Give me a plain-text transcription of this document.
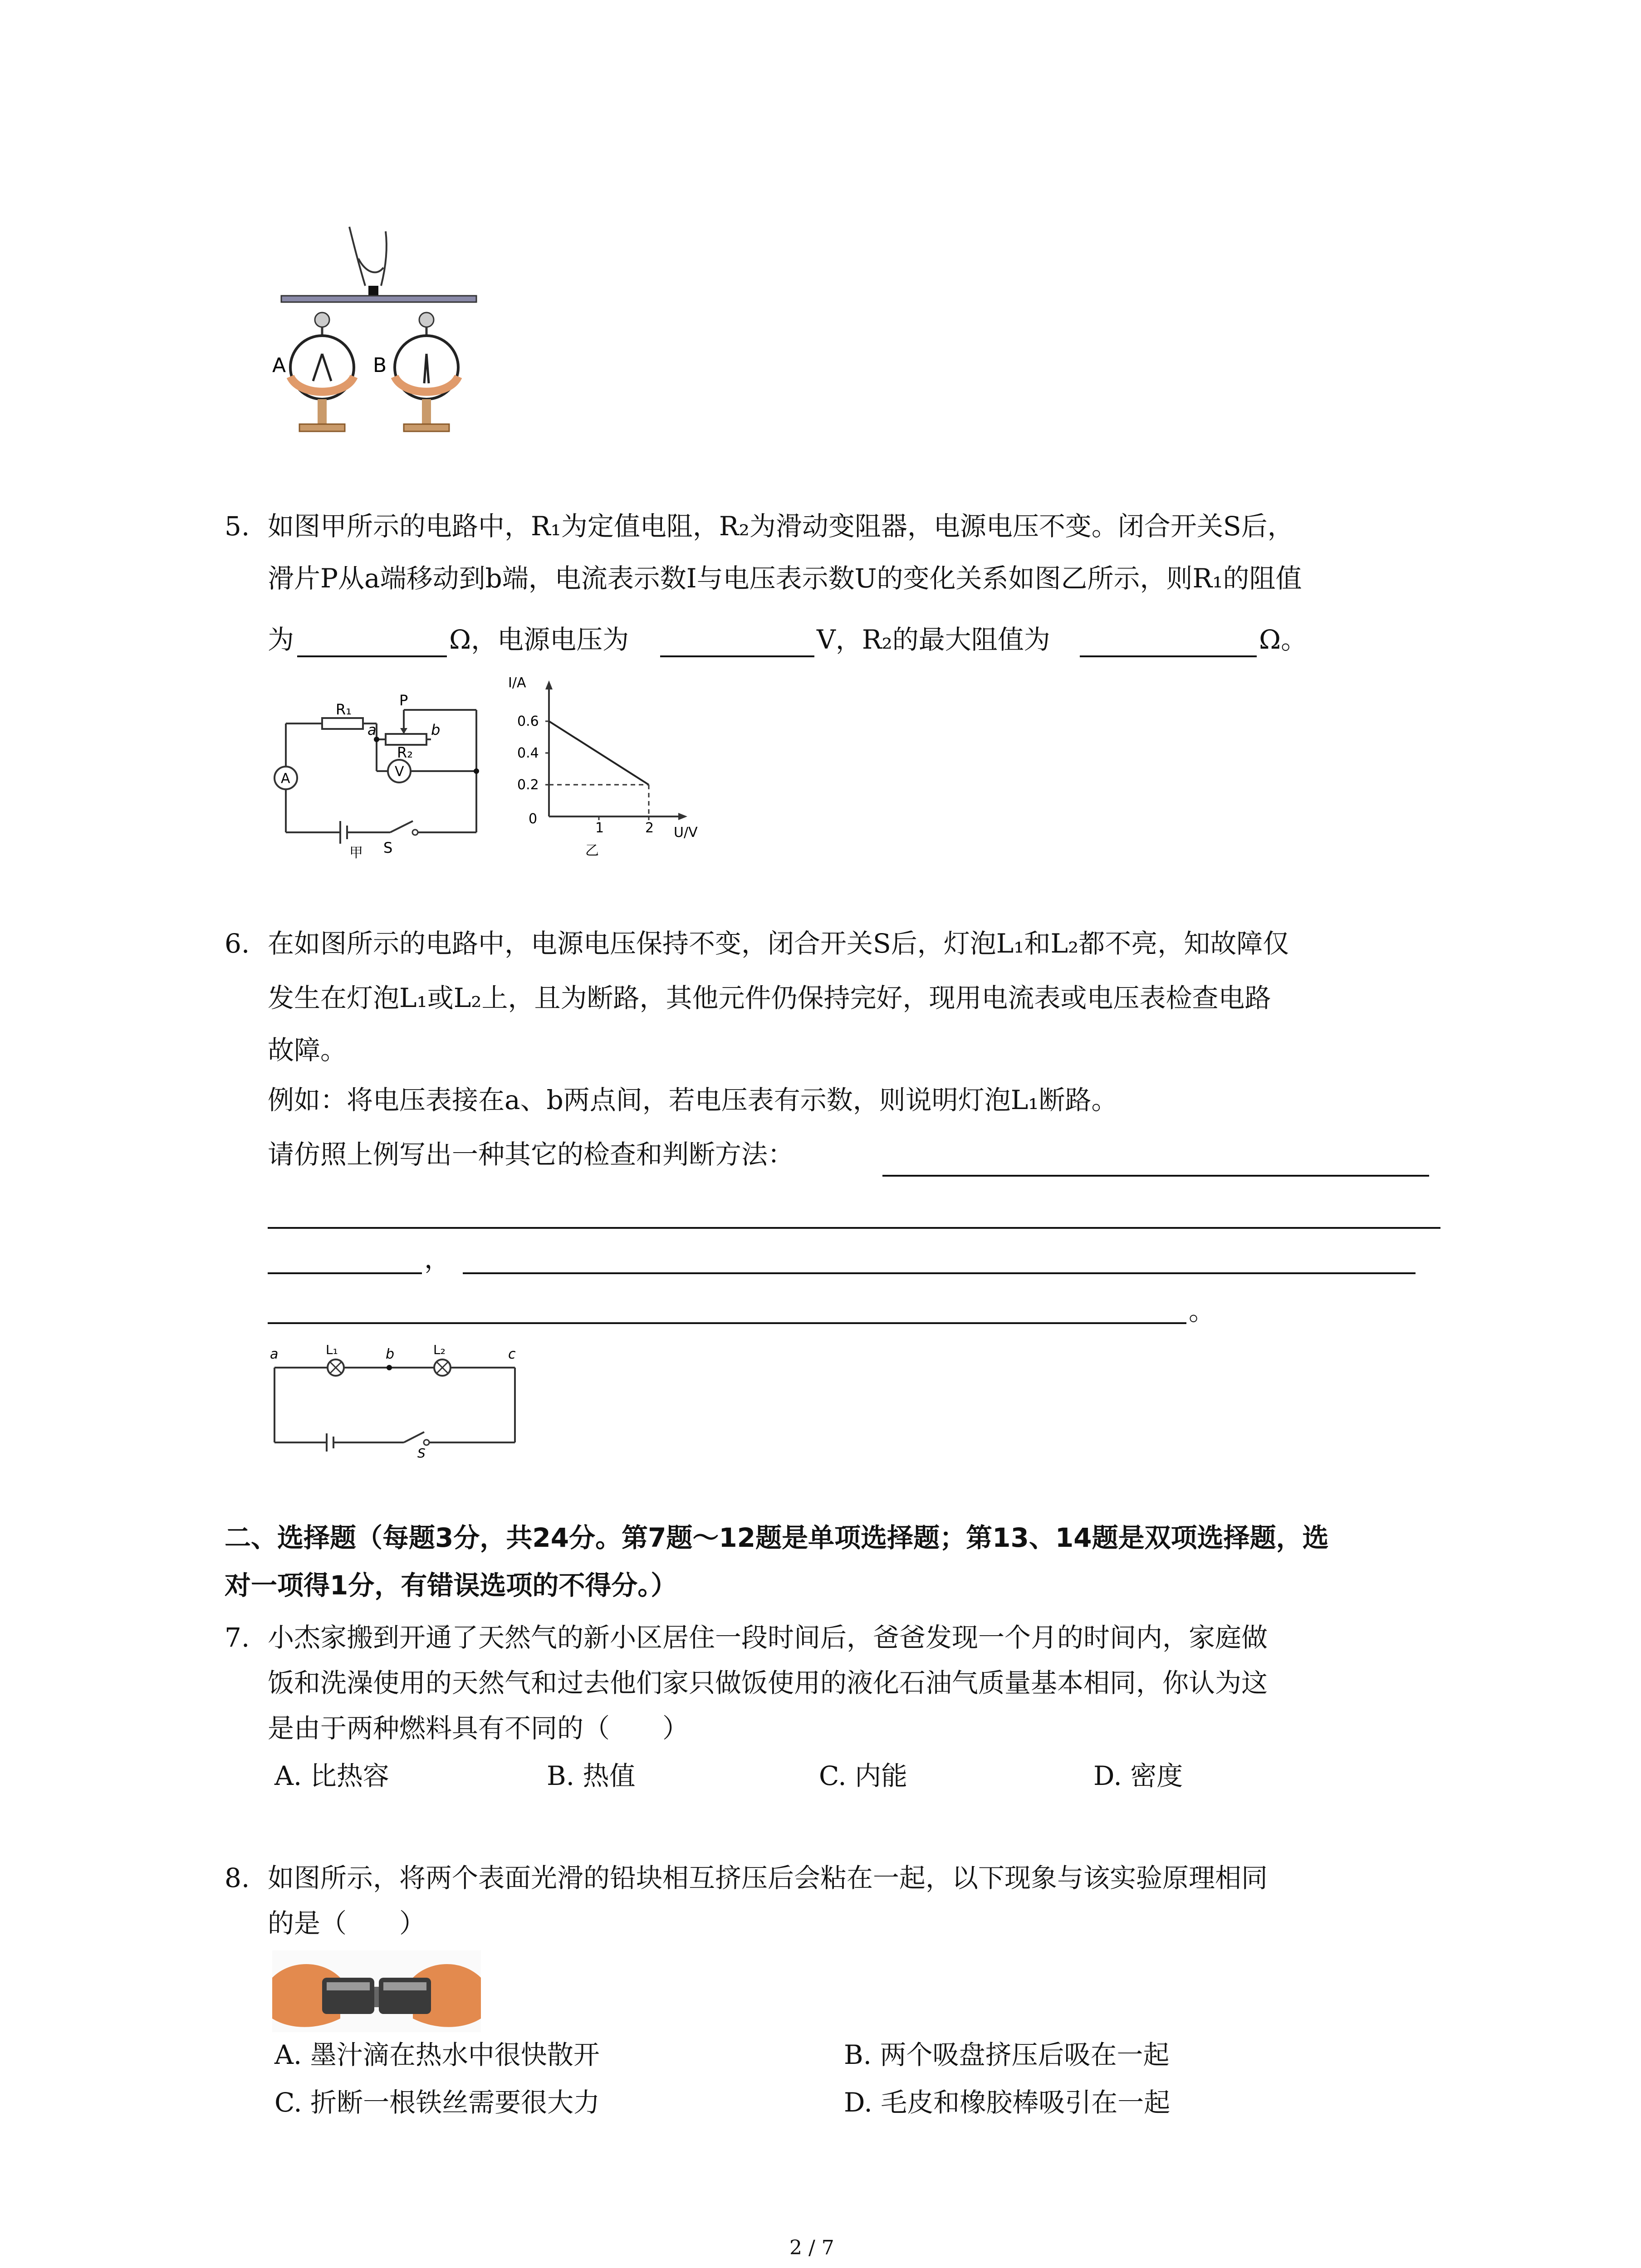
A	B
5. 如图甲所示的电路中，R₁为定值电阻，R₂为滑动变阻器，电源电压不变。闭合开关S后，
滑片P从a端移动到b端，电流表示数I与电压表示数U的变化关系如图乙所示，则R₁的阻值
为	Ω，电源电压为	V，R₂的最大阻值为	Ω。
R₁
P
a	b
R₂
A	V
S
甲
I/A
U/V
0
0.6
0.4
0.2
1	2
乙
6. 在如图所示的电路中，电源电压保持不变，闭合开关S后，灯泡L₁和L₂都不亮，知故障仅
发生在灯泡L₁或L₂上，且为断路，其他元件仍保持完好，现用电流表或电压表检查电路
故障。
例如：将电压表接在a、b两点间，若电压表有示数，则说明灯泡L₁断路。
请仿照上例写出一种其它的检查和判断方法：
，
。
a	b	c
L₁	L₂
S
二、选择题（每题3分，共24分。第7题～12题是单项选择题；第13、14题是双项选择题，选
对一项得1分，有错误选项的不得分。）
7. 小杰家搬到开通了天然气的新小区居住一段时间后，爸爸发现一个月的时间内，家庭做
饭和洗澡使用的天然气和过去他们家只做饭使用的液化石油气质量基本相同，你认为这
是由于两种燃料具有不同的（　　）
A. 比热容	B. 热值	C. 内能	D. 密度
8. 如图所示，将两个表面光滑的铅块相互挤压后会粘在一起，以下现象与该实验原理相同
的是（　　）
A. 墨汁滴在热水中很快散开	B. 两个吸盘挤压后吸在一起
C. 折断一根铁丝需要很大力	D. 毛皮和橡胶棒吸引在一起
2 / 7
